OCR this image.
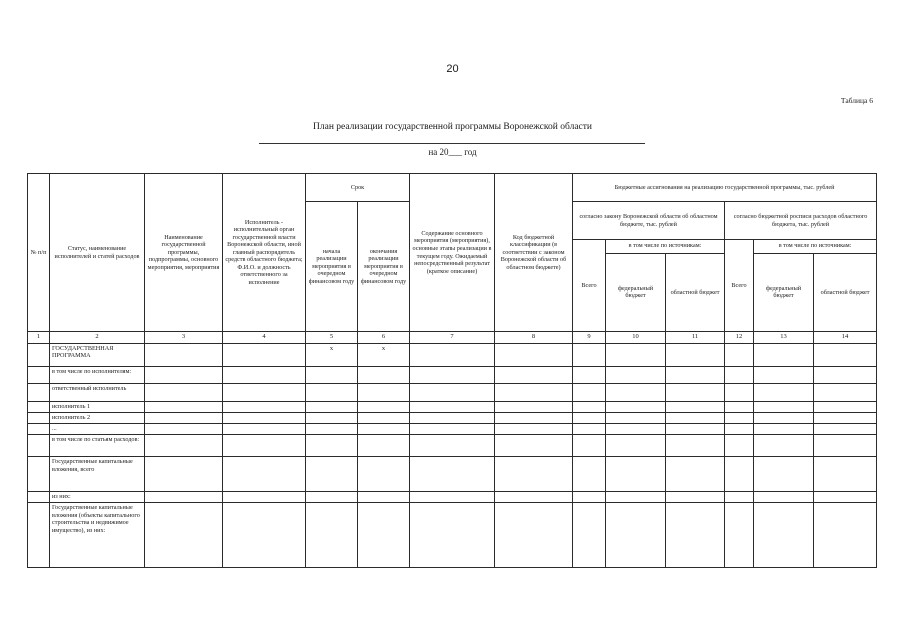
20
Таблица 6
План реализации государственной программы Воронежской области
на 20___ год
№ п/п	Статус, наименование исполнителей и статей расходов	Наименование государственной программы, подпрограммы, основного мероприятия, мероприятия	Исполнитель - исполнительный орган государственной власти Воронежской области, иной главный распорядитель средств областного бюджета; Ф.И.О. и должность ответственного за исполнение	Срок		Содержание основного мероприятия (мероприятия), основные этапы реализации в текущем году. Ожидаемый непосредственный результат (краткое описание)	Код бюджетной классификации (в соответствии с законом Воронежской области об областном бюджете)	Бюджетные ассигнования на реализацию государственной программы, тыс. рублей					
				начала реализации мероприятия в очередном финансовом году	окончания реализации мероприятия в очередном финансовом году			согласно закону Воронежской области об областном бюджете, тыс. рублей			согласно бюджетной росписи расходов областного бюджета, тыс. рублей		
								Всего	в том числе по источникам:		Всего	в том числе по источникам:	
									федеральный бюджет	областной бюджет		федеральный бюджет	областной бюджет
1	2	3	4	5	6	7	8	9	10	11	12	13	14
	ГОСУДАРСТВЕННАЯ ПРОГРАММА			х	х								
	в том числе по исполнителям:												
	ответственный исполнитель												
	исполнитель 1												
	исполнитель 2												
	...												
	в том числе по статьям расходов:												
	Государственные капитальные вложения, всего												
	из них:												
	Государственные капитальные вложения (объекты капитального строительства и недвижимое имущество), из них:												
